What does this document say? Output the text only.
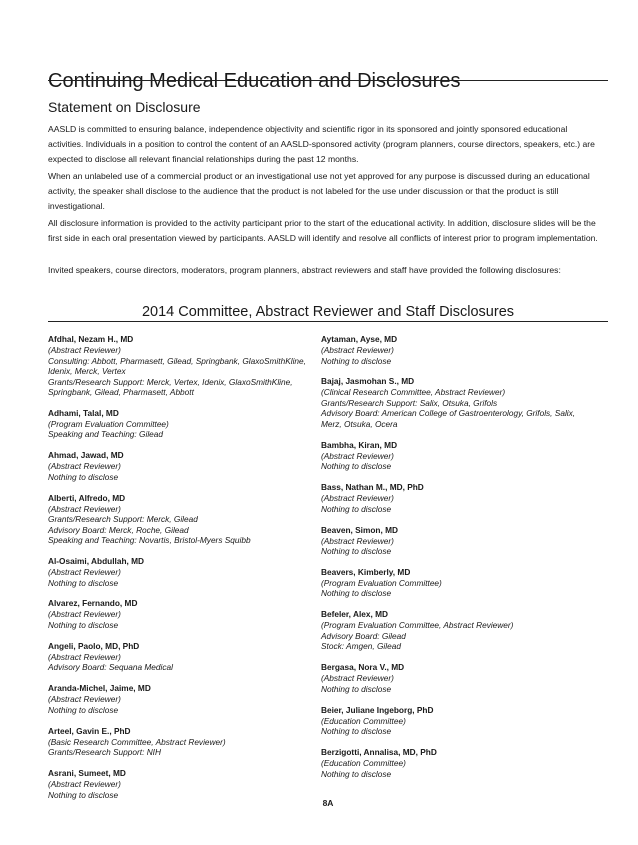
Continuing Medical Education and Disclosures
Statement on Disclosure

AASLD is committed to ensuring balance, independence objectivity and scientific rigor in its sponsored and jointly sponsored educational activities. Individuals in a position to control the content of an AASLD-sponsored activity (program planners, course directors, speakers, etc.) are expected to disclose all relevant financial relationships during the past 12 months.

When an unlabeled use of a commercial product or an investigational use not yet approved for any purpose is discussed during an educational activity, the speaker shall disclose to the audience that the product is not labeled for the use under discussion or that the product is still investigational.

All disclosure information is provided to the activity participant prior to the start of the educational activity. In addition, disclosure slides will be the first side in each oral presentation viewed by participants. AASLD will identify and resolve all conflicts of interest prior to program implementation.

Invited speakers, course directors, moderators, program planners, abstract reviewers and staff have provided the following disclosures:

2014 Committee, Abstract Reviewer and Staff Disclosures
Afdhal, Nezam H., MD
(Abstract Reviewer)
Consulting: Abbott, Pharmasett, Gilead, Springbank, GlaxoSmithKline, Idenix, Merck, Vertex
Grants/Research Support: Merck, Vertex, Idenix, GlaxoSmithKline, Springbank, Gilead, Pharmasett, Abbott
Adhami, Talal, MD
(Program Evaluation Committee)
Speaking and Teaching: Gilead
Ahmad, Jawad, MD
(Abstract Reviewer)
Nothing to disclose
Alberti, Alfredo, MD
(Abstract Reviewer)
Grants/Research Support: Merck, Gilead
Advisory Board: Merck, Roche, Gilead
Speaking and Teaching: Novartis, Bristol-Myers Squibb
Al-Osaimi, Abdullah, MD
(Abstract Reviewer)
Nothing to disclose
Alvarez, Fernando, MD
(Abstract Reviewer)
Nothing to disclose
Angeli, Paolo, MD, PhD
(Abstract Reviewer)
Advisory Board: Sequana Medical
Aranda-Michel, Jaime, MD
(Abstract Reviewer)
Nothing to disclose
Arteel, Gavin E., PhD
(Basic Research Committee, Abstract Reviewer)
Grants/Research Support: NIH
Asrani, Sumeet, MD
(Abstract Reviewer)
Nothing to disclose
Aytaman, Ayse, MD
(Abstract Reviewer)
Nothing to disclose
Bajaj, Jasmohan S., MD
(Clinical Research Committee, Abstract Reviewer)
Grants/Research Support: Salix, Otsuka, Grifols
Advisory Board: American College of Gastroenterology, Grifols, Salix, Merz, Otsuka, Ocera
Bambha, Kiran, MD
(Abstract Reviewer)
Nothing to disclose
Bass, Nathan M., MD, PhD
(Abstract Reviewer)
Nothing to disclose
Beaven, Simon, MD
(Abstract Reviewer)
Nothing to disclose
Beavers, Kimberly, MD
(Program Evaluation Committee)
Nothing to disclose
Befeler, Alex, MD
(Program Evaluation Committee, Abstract Reviewer)
Advisory Board: Gilead
Stock: Amgen, Gilead
Bergasa, Nora V., MD
(Abstract Reviewer)
Nothing to disclose
Beier, Juliane Ingeborg, PhD
(Education Committee)
Nothing to disclose
Berzigotti, Annalisa, MD, PhD
(Education Committee)
Nothing to disclose
8A
